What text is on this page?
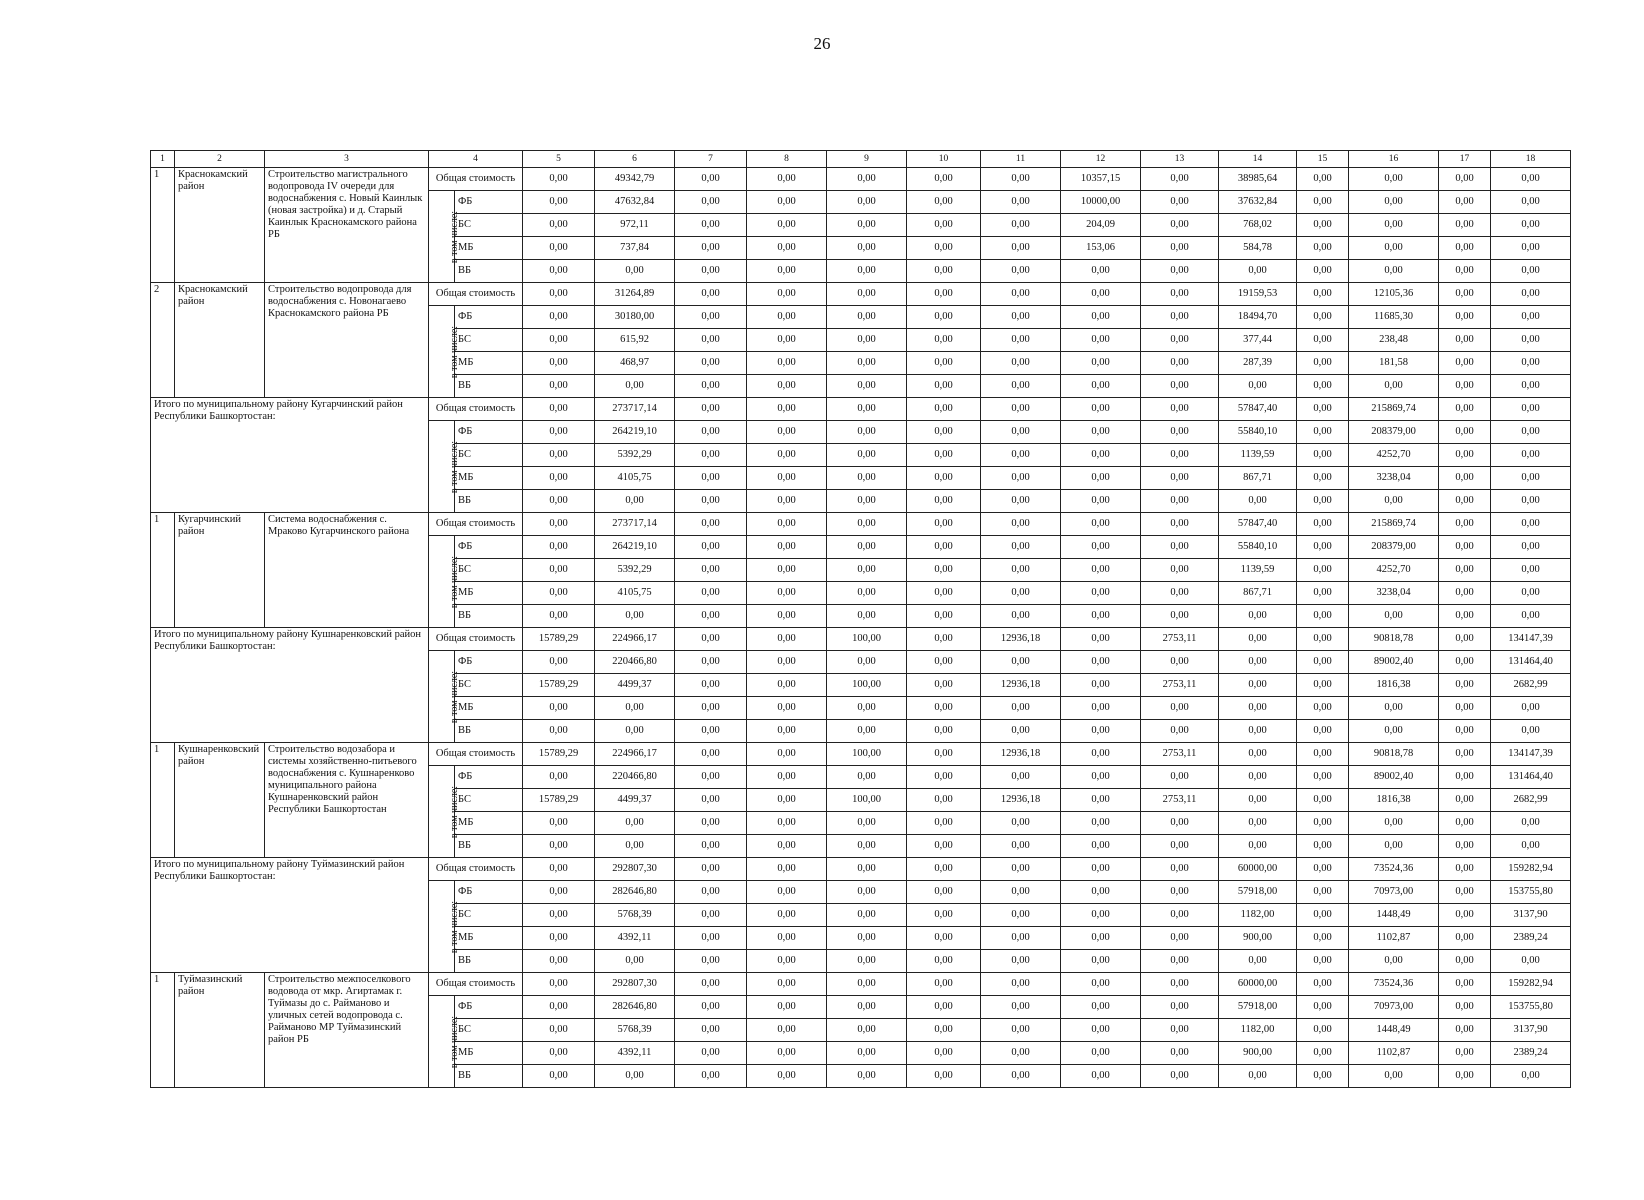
26
1	2	3	4		5	6	7	8	9	10	11	12	13	14	15	16	17	18
1	Краснокамский район	Строительство магистрального водопровода IV очереди для водоснабжения с. Новый Каинлык (новая застройка) и д. Старый Каинлык Краснокамского района РБ	Общая стоимость		0,00	49342,79	0,00	0,00	0,00	0,00	0,00	10357,15	0,00	38985,64	0,00	0,00	0,00	0,00
			в том числе:	ФБ	0,00	47632,84	0,00	0,00	0,00	0,00	0,00	10000,00	0,00	37632,84	0,00	0,00	0,00	0,00
				БС	0,00	972,11	0,00	0,00	0,00	0,00	0,00	204,09	0,00	768,02	0,00	0,00	0,00	0,00
				МБ	0,00	737,84	0,00	0,00	0,00	0,00	0,00	153,06	0,00	584,78	0,00	0,00	0,00	0,00
				ВБ	0,00	0,00	0,00	0,00	0,00	0,00	0,00	0,00	0,00	0,00	0,00	0,00	0,00	0,00
2	Краснокамский район	Строительство водопровода для водоснабжения с. Новонагаево Краснокамского района РБ	Общая стоимость		0,00	31264,89	0,00	0,00	0,00	0,00	0,00	0,00	0,00	19159,53	0,00	12105,36	0,00	0,00
			в том числе:	ФБ	0,00	30180,00	0,00	0,00	0,00	0,00	0,00	0,00	0,00	18494,70	0,00	11685,30	0,00	0,00
				БС	0,00	615,92	0,00	0,00	0,00	0,00	0,00	0,00	0,00	377,44	0,00	238,48	0,00	0,00
				МБ	0,00	468,97	0,00	0,00	0,00	0,00	0,00	0,00	0,00	287,39	0,00	181,58	0,00	0,00
				ВБ	0,00	0,00	0,00	0,00	0,00	0,00	0,00	0,00	0,00	0,00	0,00	0,00	0,00	0,00
Итого по муниципальному району Кугарчинский район Республики Башкортостан:			Общая стоимость		0,00	273717,14	0,00	0,00	0,00	0,00	0,00	0,00	0,00	57847,40	0,00	215869,74	0,00	0,00
			в том числе:	ФБ	0,00	264219,10	0,00	0,00	0,00	0,00	0,00	0,00	0,00	55840,10	0,00	208379,00	0,00	0,00
				БС	0,00	5392,29	0,00	0,00	0,00	0,00	0,00	0,00	0,00	1139,59	0,00	4252,70	0,00	0,00
				МБ	0,00	4105,75	0,00	0,00	0,00	0,00	0,00	0,00	0,00	867,71	0,00	3238,04	0,00	0,00
				ВБ	0,00	0,00	0,00	0,00	0,00	0,00	0,00	0,00	0,00	0,00	0,00	0,00	0,00	0,00
1	Кугарчинский район	Система водоснабжения с. Мраково Кугарчинского района	Общая стоимость		0,00	273717,14	0,00	0,00	0,00	0,00	0,00	0,00	0,00	57847,40	0,00	215869,74	0,00	0,00
			в том числе:	ФБ	0,00	264219,10	0,00	0,00	0,00	0,00	0,00	0,00	0,00	55840,10	0,00	208379,00	0,00	0,00
				БС	0,00	5392,29	0,00	0,00	0,00	0,00	0,00	0,00	0,00	1139,59	0,00	4252,70	0,00	0,00
				МБ	0,00	4105,75	0,00	0,00	0,00	0,00	0,00	0,00	0,00	867,71	0,00	3238,04	0,00	0,00
				ВБ	0,00	0,00	0,00	0,00	0,00	0,00	0,00	0,00	0,00	0,00	0,00	0,00	0,00	0,00
Итого по муниципальному району Кушнаренковский район Республики Башкортостан:			Общая стоимость		15789,29	224966,17	0,00	0,00	100,00	0,00	12936,18	0,00	2753,11	0,00	0,00	90818,78	0,00	134147,39
			в том числе:	ФБ	0,00	220466,80	0,00	0,00	0,00	0,00	0,00	0,00	0,00	0,00	0,00	89002,40	0,00	131464,40
				БС	15789,29	4499,37	0,00	0,00	100,00	0,00	12936,18	0,00	2753,11	0,00	0,00	1816,38	0,00	2682,99
				МБ	0,00	0,00	0,00	0,00	0,00	0,00	0,00	0,00	0,00	0,00	0,00	0,00	0,00	0,00
				ВБ	0,00	0,00	0,00	0,00	0,00	0,00	0,00	0,00	0,00	0,00	0,00	0,00	0,00	0,00
1	Кушнаренковский район	Строительство водозабора и системы хозяйственно-питьевого водоснабжения с. Кушнаренково муниципального района Кушнаренковский район Республики Башкортостан	Общая стоимость		15789,29	224966,17	0,00	0,00	100,00	0,00	12936,18	0,00	2753,11	0,00	0,00	90818,78	0,00	134147,39
			в том числе:	ФБ	0,00	220466,80	0,00	0,00	0,00	0,00	0,00	0,00	0,00	0,00	0,00	89002,40	0,00	131464,40
				БС	15789,29	4499,37	0,00	0,00	100,00	0,00	12936,18	0,00	2753,11	0,00	0,00	1816,38	0,00	2682,99
				МБ	0,00	0,00	0,00	0,00	0,00	0,00	0,00	0,00	0,00	0,00	0,00	0,00	0,00	0,00
				ВБ	0,00	0,00	0,00	0,00	0,00	0,00	0,00	0,00	0,00	0,00	0,00	0,00	0,00	0,00
Итого по муниципальному району Туймазинский район Республики Башкортостан:			Общая стоимость		0,00	292807,30	0,00	0,00	0,00	0,00	0,00	0,00	0,00	60000,00	0,00	73524,36	0,00	159282,94
			в том числе:	ФБ	0,00	282646,80	0,00	0,00	0,00	0,00	0,00	0,00	0,00	57918,00	0,00	70973,00	0,00	153755,80
				БС	0,00	5768,39	0,00	0,00	0,00	0,00	0,00	0,00	0,00	1182,00	0,00	1448,49	0,00	3137,90
				МБ	0,00	4392,11	0,00	0,00	0,00	0,00	0,00	0,00	0,00	900,00	0,00	1102,87	0,00	2389,24
				ВБ	0,00	0,00	0,00	0,00	0,00	0,00	0,00	0,00	0,00	0,00	0,00	0,00	0,00	0,00
1	Туймазинский район	Строительство межпоселкового водовода от мкр. Агиртамак г. Туймазы до с. Райманово и уличных сетей водопровода с. Райманово МР Туймазинский район РБ	Общая стоимость		0,00	292807,30	0,00	0,00	0,00	0,00	0,00	0,00	0,00	60000,00	0,00	73524,36	0,00	159282,94
			в том числе:	ФБ	0,00	282646,80	0,00	0,00	0,00	0,00	0,00	0,00	0,00	57918,00	0,00	70973,00	0,00	153755,80
				БС	0,00	5768,39	0,00	0,00	0,00	0,00	0,00	0,00	0,00	1182,00	0,00	1448,49	0,00	3137,90
				МБ	0,00	4392,11	0,00	0,00	0,00	0,00	0,00	0,00	0,00	900,00	0,00	1102,87	0,00	2389,24
				ВБ	0,00	0,00	0,00	0,00	0,00	0,00	0,00	0,00	0,00	0,00	0,00	0,00	0,00	0,00
